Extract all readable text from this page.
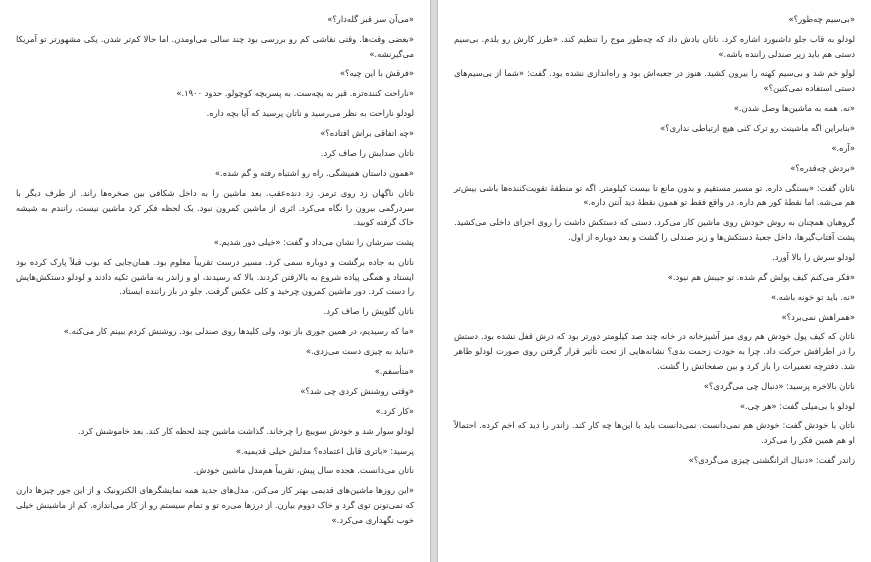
«می‌آن سر قبر گله‌دار؟»

«بعضی وقت‌ها. وقتی نقاشی کم رو بررسی بود چند سالی می‌اومدن. اما حالا کم‌تر شدن. یکی مشهورتر تو آمریکا می‌گیرنشه.»

«فرقش با این چیه؟»

«ناراحت کننده‌تره. قبر به بچه‌ست. به پسربچه کوچولو. حدود ۱۹۰۰.»

لودلو ناراحت به نظر می‌رسید و ناتان پرسید که آیا بچه داره.

«چه اتفاقی براش افتاده؟»

ناتان صدایش را صاف کرد.

«همون داستان همیشگی. راه رو اشتباه رفته و گم شده.»

ناتان ناگهان زد روی ترمز. زد دنده‌عقب. بعد ماشین را به داخل شکافی بین صخره‌ها راند. از طرف دیگر با سردرگمی بیرون را نگاه می‌کرد. اثری از ماشین کمرون نبود. یک لحظه فکر کرد ماشین نیست. رانندم به شیشه خاک گرفته کوبید.

پشت سرشان را نشان می‌داد و گفت: «خیلی دور شدیم.»

ناتان به جاده برگشت و دوباره سمی کرد. مسیر درست تقریباً معلوم بود. همان‌جایی که بوب قبلاً پارک کرده بود ایستاد و همگی پیاده شروع به بالارفتن کردند. بالا که رسیدند، او و زاندر به ماشین تکیه دادند و لودلو دستکش‌هایش را دست کرد. دور ماشین کمرون چرخید و کلی عکس گرفت. جلو در باز راننده ایستاد.

ناتان گلویش را صاف کرد.

«ما که رسیدیم، در همین جوری باز بود، ولی کلیدها روی صندلی بود. روشنش کردم ببینم کار می‌کنه.»

«نباید به چیزی دست می‌زدی.»

«متأسفم.»

«وقتی روشنش کردی چی شد؟»

«کار کرد.»

لودلو سوار شد و خودش سوییچ را چرخاند. گذاشت ماشین چند لحظه کار کند. بعد خاموشش کرد.

پرسید: «باتری قابل اعتماده؟ مدلش خیلی قدیمیه.»

ناتان می‌دانست. هجده سال پیش، تقریباً هم‌مدل ماشین خودش.

«این روزها ماشین‌های قدیمی بهتر کار می‌کنن. مدل‌های جدید همه نمایشگرهای الکترونیک و از این جور چیزها دارن که نمی‌تونن توی گرد و خاک دووم بیارن. از درزها می‌ره تو و تمام سیستم رو از کار می‌اندازه. کم از ماشینش خیلی خوب نگهداری می‌کرد.»

«بی‌سیم چه‌طور؟»

لودلو به قاب جلو داشبورد اشاره کرد. ناتان یادش داد که چه‌طور موج را تنظیم کند. «طرز کارش رو بلدم. بی‌سیم دستی هم باید زیر صندلی راننده باشه.»

لولو خم شد و بی‌سیم کهنه را بیرون کشید. هنوز در جعبه‌اش بود و راه‌اندازی نشده بود. گفت: «شما از بی‌سیم‌های دستی استفاده نمی‌کنین؟»

«نه. همه به ماشین‌ها وصل شدن.»

«بنابراین اگه ماشینت رو ترک کنی هیچ ارتباطی نداری؟»

«آره.»

«بردش چه‌قدره؟»

ناتان گفت: «بستگی داره. تو مسیر مستقیم و بدون مانع تا بیست کیلومتر. اگه تو منطقهٔ تقویت‌کننده‌ها باشی بیش‌تر هم می‌شه. اما نقطهٔ کور هم داره. در واقع فقط تو همون نقطهٔ دید آنتن داره.»

گروهبان همچنان به روش خودش روی ماشین کار می‌کرد. دستی که دستکش داشت را روی اجزای داخلی می‌کشید. پشت آفتاب‌گیرها، داخل جعبهٔ دستکش‌ها و زیر صندلی را گشت و بعد دوباره از اول.

لودلو سرش را بالا آورد.

«فکر می‌کنم کیف پولش گم شده. تو جیبش هم نبود.»

«نه. باید تو خونه باشه.»

«همراهش نمی‌برد؟»

ناتان که کیف پول خودش هم روی میز آشپزخانه در خانه چند صد کیلومتر دورتر بود که درش قفل نشده بود. دستش را در اطرافش حرکت داد. چرا به خودت زحمت بدی؟ نشانه‌هایی از تحت تأثیر قرار گرفتن روی صورت لودلو ظاهر شد. دفترچه تعمیرات را باز کرد و بین صفحاتش را گشت.

ناتان بالاخره پرسید: «دنبال چی می‌گردی؟»

لودلو با بی‌میلی گفت: «هر چی.»

ناتان با خودش گفت: خودش هم نمی‌دانست. نمی‌دانست باید با این‌ها چه کار کند. زاندر را دید که اخم کرده. احتمالاً او هم همین فکر را می‌کرد.

زاندر گفت: «دنبال اثرانگشتی چیزی می‌گردی؟»
